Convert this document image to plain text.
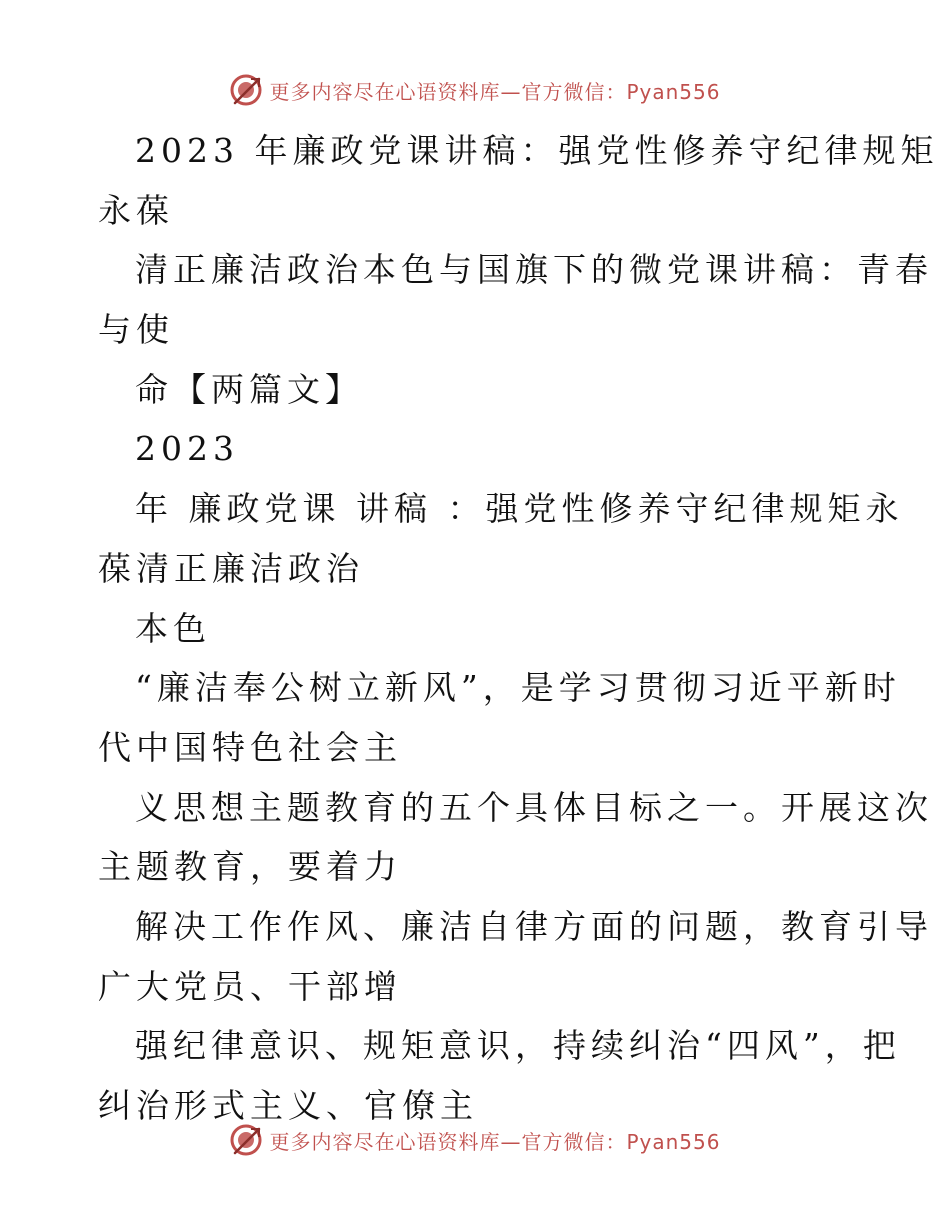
更多内容尽在心语资料库—官方微信：Pyan556
2023 年廉政党课讲稿：强党性修养守纪律规矩
永葆
清正廉洁政治本色与国旗下的微党课讲稿：青春
与使
命【两篇文】
2023
年 廉政党课 讲稿 ：强党性修养守纪律规矩永
葆清正廉洁政治
本色
“廉洁奉公树立新风”，是学习贯彻习近平新时
代中国特色社会主
义思想主题教育的五个具体目标之一。开展这次
主题教育，要着力
解决工作作风、廉洁自律方面的问题，教育引导
广大党员、干部增
强纪律意识、规矩意识，持续纠治“四风”，把
纠治形式主义、官僚主
更多内容尽在心语资料库—官方微信：Pyan556
